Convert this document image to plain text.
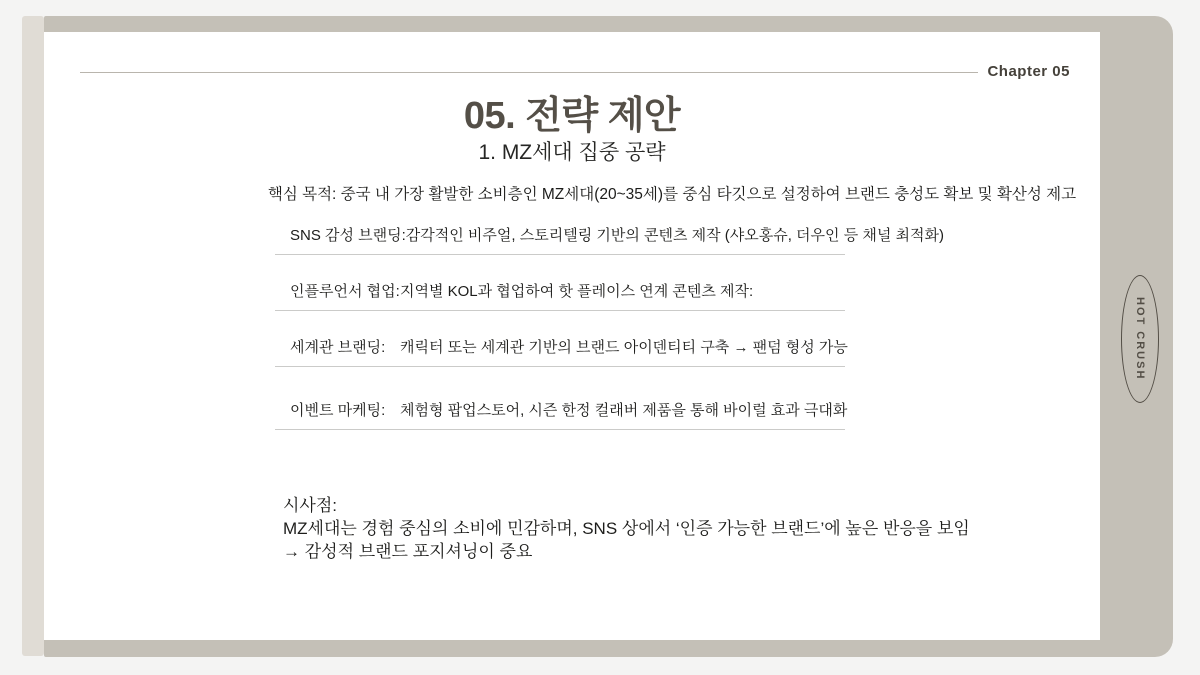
Chapter 05
05. 전략 제안
1. MZ세대 집중 공략
핵심 목적: 중국 내 가장 활발한 소비층인 MZ세대(20~35세)를 중심 타깃으로 설정하여 브랜드 충성도 확보 및 확산성 제고
SNS 감성 브랜딩: 감각적인 비주얼, 스토리텔링 기반의 콘텐츠 제작 (샤오홍슈, 더우인 등 채널 최적화)
인플루언서 협업: 지역별 KOL과 협업하여 핫 플레이스 연계 콘텐츠 제작:
세계관 브랜딩: 캐릭터 또는 세계관 기반의 브랜드 아이덴티티 구축 → 팬덤 형성 가능
이벤트 마케팅: 체험형 팝업스토어, 시즌 한정 컬래버 제품을 통해 바이럴 효과 극대화
시사점:
MZ세대는 경험 중심의 소비에 민감하며, SNS 상에서 ‘인증 가능한 브랜드’에 높은 반응을 보임
→ 감성적 브랜드 포지셔닝이 중요
HOT CRUSH
